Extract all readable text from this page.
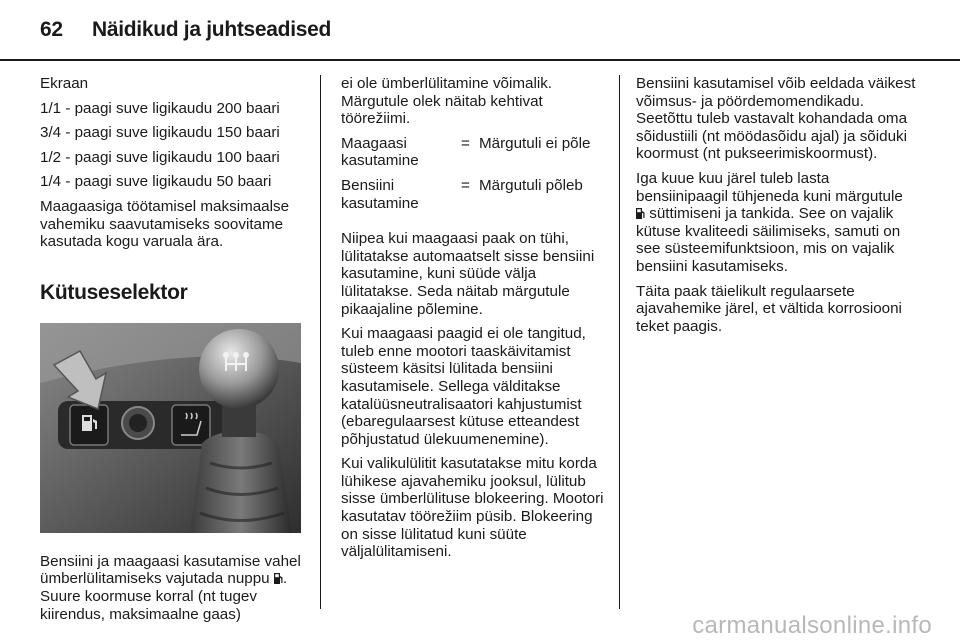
62 Näidikud ja juhtseadised

Ekraan

1/1 - paagi suve ligikaudu 200 baari

3/4 - paagi suve ligikaudu 150 baari

1/2 - paagi suve ligikaudu 100 baari

1/4 - paagi suve ligikaudu 50 baari

Maagaasiga töötamisel maksimaalse vahemiku saavutamiseks soovitame kasutada kogu varuala ära.

Kütuseselektor

Bensiini ja maagaasi kasutamise vahel ümberlülitamiseks vajutada nuppu . Suure koormuse korral (nt tugev kiirendus, maksimaalne gaas)

ei ole ümberlülitamine võimalik. Märgutule olek näitab kehtivat töörežiimi.

Maagaasi kasutamine
= Märgutuli ei põle
Bensiini kasutamine
= Märgutuli põleb

Niipea kui maagaasi paak on tühi, lülitatakse automaatselt sisse bensiini kasutamine, kuni süüde välja lülitatakse. Seda näitab märgutule pikaajaline põlemine.

Kui maagaasi paagid ei ole tangitud, tuleb enne mootori taaskäivitamist süsteem käsitsi lülitada bensiini kasutamisele. Sellega välditakse katalüüsneutralisaatori kahjustumist (ebaregulaarsest kütuse etteandest põhjustatud ülekuumenemine).

Kui valikulülitit kasutatakse mitu korda lühikese ajavahemiku jooksul, lülitub sisse ümberlülituse blokeering. Mootori kasutatav töörežiim püsib. Blokeering on sisse lülitatud kuni süüte väljalülitamiseni.

Bensiini kasutamisel võib eeldada väikest võimsus- ja pöördemomendikadu. Seetõttu tuleb vastavalt kohandada oma sõidustiili (nt möödasõidu ajal) ja sõiduki koormust (nt pukseerimiskoormust).

Iga kuue kuu järel tuleb lasta bensiinipaagil tühjeneda kuni märgutule  süttimiseni ja tankida. See on vajalik kütuse kvaliteedi säilimiseks, samuti on see süsteemifunktsioon, mis on vajalik bensiini kasutamiseks.

Täita paak täielikult regulaarsete ajavahemike järel, et vältida korrosiooni teket paagis.

carmanualsonline.info
